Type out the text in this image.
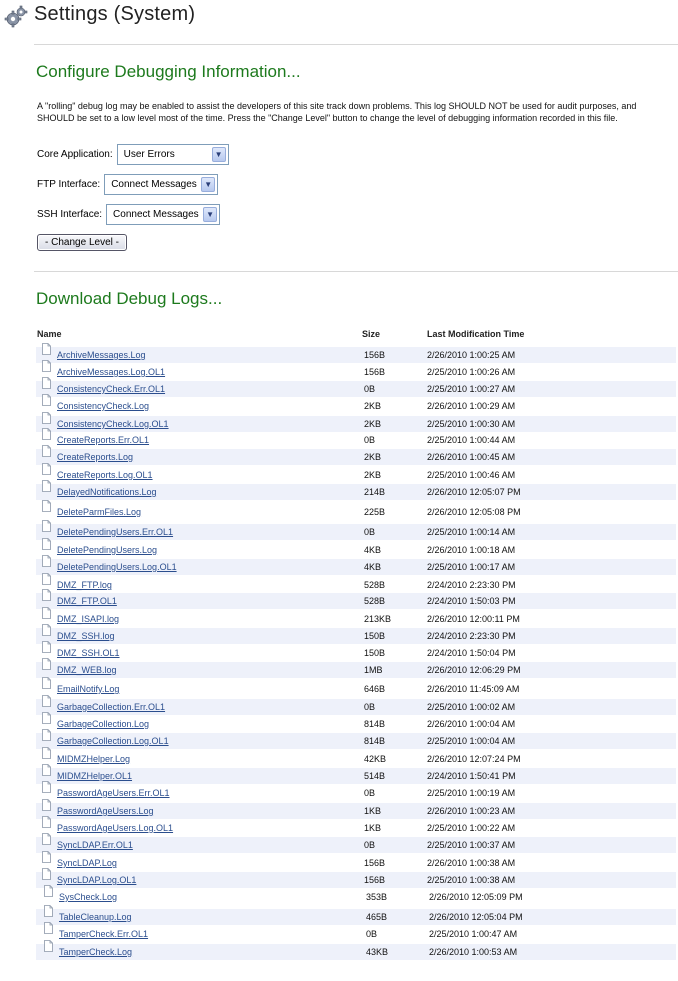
Settings (System)
Configure Debugging Information...
A "rolling" debug log may be enabled to assist the developers of this site track down problems. This log SHOULD NOT be used for audit purposes, and SHOULD be set to a low level most of the time. Press the "Change Level" button to change the level of debugging information recorded in this file.
Core Application: User Errors	▼
FTP Interface: Connect Messages ▼
SSH Interface: Connect Messages ▼
- Change Level -
Download Debug Logs...
Name	Size	Last Modification Time
ArchiveMessages.Log	156B	2/26/2010 1:00:25 AM
ArchiveMessages.Log.OL1	156B	2/25/2010 1:00:26 AM
ConsistencyCheck.Err.OL1	0B	2/25/2010 1:00:27 AM
ConsistencyCheck.Log	2KB	2/26/2010 1:00:29 AM
ConsistencyCheck.Log.OL1	2KB	2/25/2010 1:00:30 AM
CreateReports.Err.OL1	0B	2/25/2010 1:00:44 AM
CreateReports.Log	2KB	2/26/2010 1:00:45 AM
CreateReports.Log.OL1	2KB	2/25/2010 1:00:46 AM
DelayedNotifications.Log	214B	2/26/2010 12:05:07 PM
DeleteParmFiles.Log	225B	2/26/2010 12:05:08 PM
DeletePendingUsers.Err.OL1	0B	2/25/2010 1:00:14 AM
DeletePendingUsers.Log	4KB	2/26/2010 1:00:18 AM
DeletePendingUsers.Log.OL1	4KB	2/25/2010 1:00:17 AM
DMZ_FTP.log	528B	2/24/2010 2:23:30 PM
DMZ_FTP.OL1	528B	2/24/2010 1:50:03 PM
DMZ_ISAPI.log	213KB	2/26/2010 12:00:11 PM
DMZ_SSH.log	150B	2/24/2010 2:23:30 PM
DMZ_SSH.OL1	150B	2/24/2010 1:50:04 PM
DMZ_WEB.log	1MB	2/26/2010 12:06:29 PM
EmailNotify.Log	646B	2/26/2010 11:45:09 AM
GarbageCollection.Err.OL1	0B	2/25/2010 1:00:02 AM
GarbageCollection.Log	814B	2/26/2010 1:00:04 AM
GarbageCollection.Log.OL1	814B	2/25/2010 1:00:04 AM
MIDMZHelper.Log	42KB	2/26/2010 12:07:24 PM
MIDMZHelper.OL1	514B	2/24/2010 1:50:41 PM
PasswordAgeUsers.Err.OL1	0B	2/25/2010 1:00:19 AM
PasswordAgeUsers.Log	1KB	2/26/2010 1:00:23 AM
PasswordAgeUsers.Log.OL1	1KB	2/25/2010 1:00:22 AM
SyncLDAP.Err.OL1	0B	2/25/2010 1:00:37 AM
SyncLDAP.Log	156B	2/26/2010 1:00:38 AM
SyncLDAP.Log.OL1	156B	2/25/2010 1:00:38 AM
SysCheck.Log	353B	2/26/2010 12:05:09 PM
TableCleanup.Log	465B	2/26/2010 12:05:04 PM
TamperCheck.Err.OL1	0B	2/25/2010 1:00:47 AM
TamperCheck.Log	43KB	2/26/2010 1:00:53 AM
